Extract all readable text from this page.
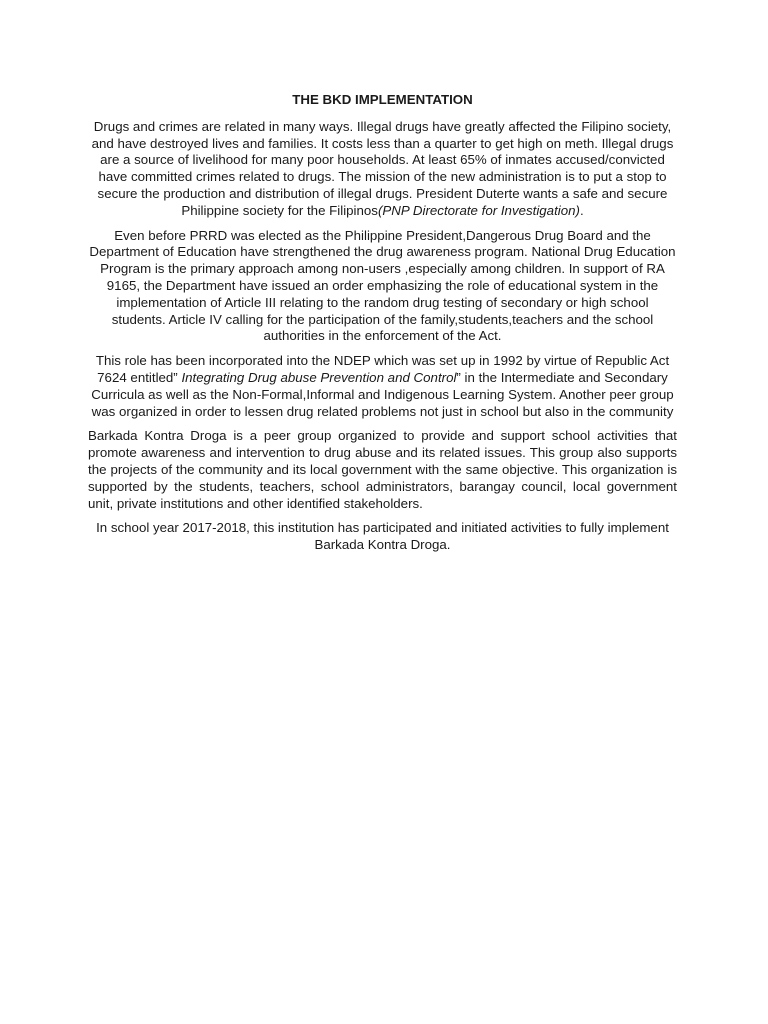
THE BKD IMPLEMENTATION

Drugs and crimes are related in many ways. Illegal drugs have greatly affected the Filipino society, and have destroyed lives and families. It costs less than a quarter to get high on meth. Illegal drugs are a source of livelihood for many poor households. At least 65% of inmates accused/convicted have committed crimes related to drugs. The mission of the new administration is to put a stop to secure the production and distribution of illegal drugs. President Duterte wants a safe and secure Philippine society for the Filipinos(PNP Directorate for Investigation).

Even before PRRD was elected as the Philippine President,Dangerous Drug Board and the Department of Education have strengthened the drug awareness program. National Drug Education Program is the primary approach among non-users ,especially among children. In support of RA 9165, the Department have issued an order emphasizing the role of educational system in the implementation of Article III relating to the random drug testing of secondary or high school students. Article IV calling for the participation of the family,students,teachers and the school authorities in the enforcement of the Act.

This role has been incorporated into the NDEP which was set up in 1992 by virtue of Republic Act 7624 entitled” Integrating Drug abuse Prevention and Control” in the Intermediate and Secondary Curricula as well as the Non-Formal,Informal and Indigenous Learning System. Another peer group was organized in order to lessen drug related problems not just in school but also in the community

Barkada Kontra Droga is a peer group organized to provide and support school activities that promote awareness and intervention to drug abuse and its related issues. This group also supports the projects of the community and its local government with the same objective. This organization is supported by the students, teachers, school administrators, barangay council, local government unit, private institutions and other identified stakeholders.

In school year 2017-2018, this institution has participated and initiated activities to fully implement Barkada Kontra Droga.
